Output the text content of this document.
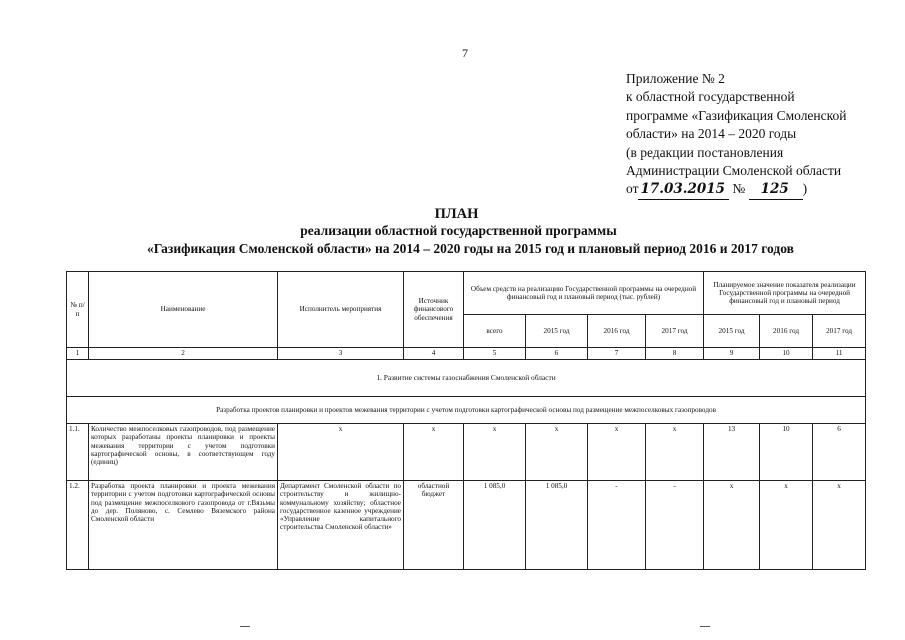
7
Приложение № 2
к областной государственной
программе «Газификация Смоленской
области» на 2014 – 2020 годы
(в редакции постановления
Администрации Смоленской области
от 17.03.2015 № 125 )
ПЛАН
реализации областной государственной программы
«Газификация Смоленской области» на 2014 – 2020 годы на 2015 год и плановый период 2016 и 2017 годов
№ п/п	Наименование	Исполнитель мероприятия	Источник финансового обеспечения	Объем средств на реализацию Государственной программы на очередной финансовый год и плановый период (тыс. рублей)				Планируемое значение показателя реализации Государственной программы на очередной финансовый год и плановый период		
				всего	2015 год	2016 год	2017 год	2015 год	2016 год	2017 год
1	2	3	4	5	6	7	8	9	10	11
1. Развитие системы газоснабжения Смоленской области										
Разработка проектов планировки и проектов межевания территории с учетом подготовки картографической основы под размещение межпоселковых газопроводов										
1.1.	Количество межпоселковых газопроводов, под размещение которых разработаны проекты планировки и проекты межевания территории с учетом подготовки картографической основы, в соответствующем году (единиц)	х	х	х	х	х	х	13	10	6
1.2.	Разработка проекта планировки и проекта межевания территории с учетом подготовки картографической основы под размещение межпоселкового газопровода от г.Вязьмы до дер. Поляново, с. Семлево Вяземского района Смоленской области	Департамент Смоленской области по строительству и жилищно-коммунальному хозяйству; областное государственное казенное учреждение «Управление капитального строительства Смоленской области»	областной бюджет	1 085,0	1 085,0	-	-	х	х	х
